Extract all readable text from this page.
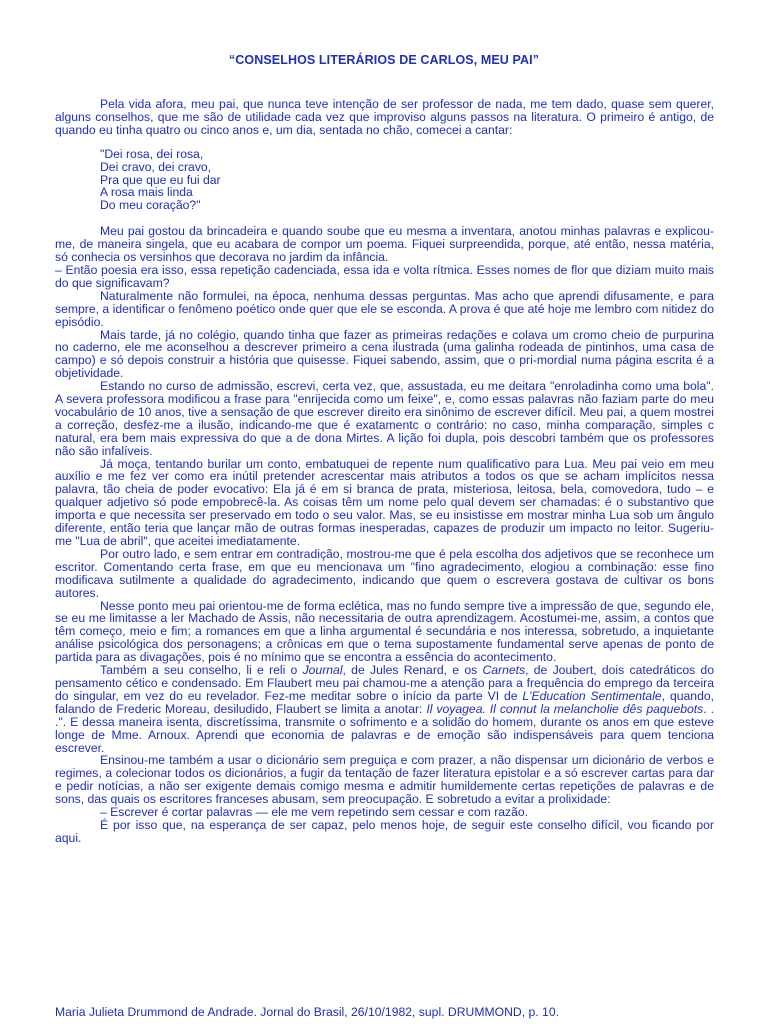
“CONSELHOS LITERÁRIOS DE CARLOS, MEU PAI”

Pela vida afora, meu pai, que nunca teve intenção de ser professor de nada, me tem dado, quase sem querer, alguns conselhos, que me são de utilidade cada vez que improviso alguns passos na literatura. O primeiro é antigo, de quando eu tinha quatro ou cinco anos e, um dia, sentada no chão, comecei a cantar:

"Dei rosa, dei rosa,
Dei cravo, dei cravo,
Pra que que eu fui dar
A rosa mais linda
Do meu coração?"

Meu pai gostou da brincadeira e quando soube que eu mesma a inventara, anotou minhas palavras e explicou-me, de maneira singela, que eu acabara de compor um poema. Fiquei surpreendida, porque, até então, nessa matéria, só conhecia os versinhos que decorava no jardim da infância.

– Então poesia era isso, essa repetição cadenciada, essa ida e volta rítmica. Esses nomes de flor que diziam muito mais do que significavam?

Naturalmente não formulei, na época, nenhuma dessas perguntas. Mas acho que aprendi difusamente, e para sempre, a identificar o fenômeno poético onde quer que ele se esconda. A prova é que até hoje me lembro com nitidez do episódio.

Mais tarde, já no colégio, quando tinha que fazer as primeiras redações e colava um cromo cheio de purpurina no caderno, ele me aconselhou a descrever primeiro a cena ilustrada (uma galinha rodeada de pintinhos, uma casa de campo) e só depois construir a história que quisesse. Fiquei sabendo, assim, que o pri-mordial numa página escrita é a objetividade.

Estando no curso de admissão, escrevi, certa vez, que, assustada, eu me deitara "enroladinha como uma bola". A severa professora modificou a frase para "enrijecida como um feixe", e, como essas palavras não faziam parte do meu vocabulário de 10 anos, tive a sensação de que escrever direito era sinônimo de escrever difícil. Meu pai, a quem mostrei a correção, desfez-me a ilusão, indicando-me que é exatamentc o contrário: no caso, minha comparação, simples c natural, era bem mais expressiva do que a de dona Mirtes. A lição foi dupla, pois descobri também que os professores não são infalíveis.

Já moça, tentando burilar um conto, embatuquei de repente num qualificativo para Lua. Meu pai veio em meu auxílio e me fez ver como era inútil pretender acrescentar mais atributos a todos os que se acham implícitos nessa palavra, tão cheia de poder evocativo: Ela já é em si branca de prata, misteriosa, leitosa, bela, comovedora, tudo – e qualquer adjetivo só pode empobrecê-la. As coisas têm um nome pelo qual devem ser chamadas: é o substantivo que importa e que necessita ser preservado em todo o seu valor. Mas, se eu insistisse em mostrar minha Lua sob um ângulo diferente, então teria que lançar mão de outras formas inesperadas, capazes de produzir um impacto no leitor. Sugeriu-me "Lua de abril", que aceitei imediatamente.

Por outro lado, e sem entrar em contradição, mostrou-me que é pela escolha dos adjetivos que se reconhece um escritor. Comentando certa frase, em que eu mencionava um "fino agradecimento, elogiou a combinação: esse fino modificava sutilmente a qualidade do agradecimento, indicando que quem o escrevera gostava de cultivar os bons autores.

Nesse ponto meu pai orientou-me de forma eclética, mas no fundo sempre tive a impressão de que, segundo ele, se eu me limitasse a ler Machado de Assis, não necessitaria de outra aprendizagem. Acostumei-me, assim, a contos que têm começo, meio e fim; a romances em que a linha argumental é secundária e nos interessa, sobretudo, a inquietante análise psicológica dos personagens; a crônicas em que o tema supostamente fundamental serve apenas de ponto de partida para as divagações, pois é no mínimo que se encontra a essência do acontecimento.

Também a seu conselho, li e reli o Journal, de Jules Renard, e os Carnets, de Joubert, dois catedráticos do pensamento cético e condensado. Em Flaubert meu pai chamou-me a atenção para a frequência do emprego da terceira do singular, em vez do eu revelador. Fez-me meditar sobre o início da parte VI de L'Education Sentimentale, quando, falando de Frederic Moreau, desiludido, Flaubert se limita a anotar: Il voyagea. Il connut la melancholie dês paquebots. . .". E dessa maneira isenta, discretíssima, transmite o sofrimento e a solidão do homem, durante os anos em que esteve longe de Mme. Arnoux. Aprendi que economia de palavras e de emoção são indispensáveis para quem tenciona escrever.

Ensinou-me também a usar o dicionário sem preguiça e com prazer, a não dispensar um dicionário de verbos e regimes, a colecionar todos os dicionários, a fugir da tentação de fazer literatura epistolar e a só escrever cartas para dar e pedir notícias, a não ser exigente demais comigo mesma e admitir humildemente certas repetições de palavras e de sons, das quais os escritores franceses abusam, sem preocupação. E sobretudo a evitar a prolixidade:

– Escrever é cortar palavras — ele me vem repetindo sem cessar e com razão.

É por isso que, na esperança de ser capaz, pelo menos hoje, de seguir este conselho difícil, vou ficando por aqui.

Maria Julieta Drummond de Andrade. Jornal do Brasil, 26/10/1982, supl. DRUMMOND, p. 10.
